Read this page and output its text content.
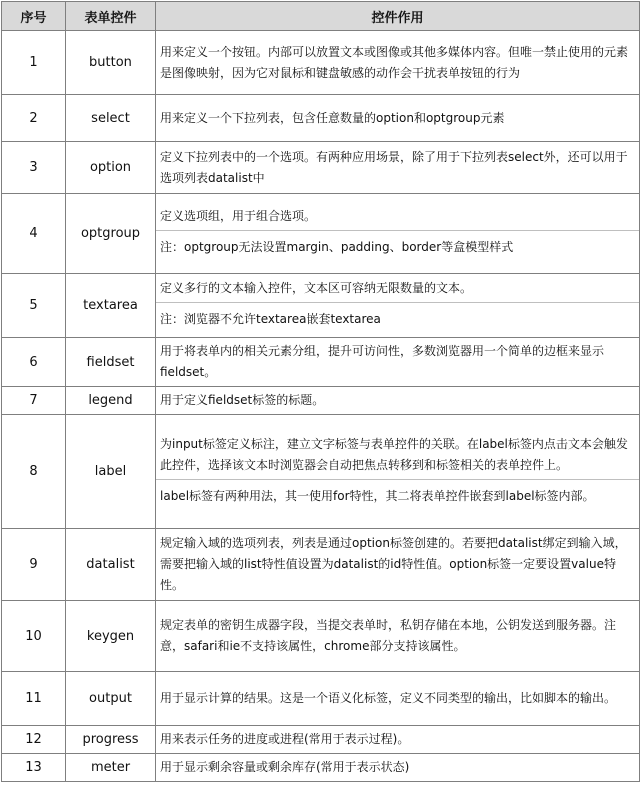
序号	表单控件	控件作用
1	button	用来定义一个按钮。内部可以放置文本或图像或其他多媒体内容。但唯一禁止使用的元素是图像映射，因为它对鼠标和键盘敏感的动作会干扰表单按钮的行为

2	select	用来定义一个下拉列表，包含任意数量的option和optgroup元素

3	option	定义下拉列表中的一个选项。有两种应用场景，除了用于下拉列表select外，还可以用于选项列表datalist中

4	optgroup	定义选项组，用于组合选项。
注：optgroup无法设置margin、padding、border等盒模型样式

5	textarea	定义多行的文本输入控件，文本区可容纳无限数量的文本。
注：浏览器不允许textarea嵌套textarea

6	fieldset	用于将表单内的相关元素分组，提升可访问性，多数浏览器用一个简单的边框来显示fieldset。

7	legend	用于定义fieldset标签的标题。

8	label	为input标签定义标注，建立文字标签与表单控件的关联。在label标签内点击文本会触发此控件，选择该文本时浏览器会自动把焦点转移到和标签相关的表单控件上。
label标签有两种用法，其一使用for特性，其二将表单控件嵌套到label标签内部。

9	datalist	规定输入域的选项列表，列表是通过option标签创建的。若要把datalist绑定到输入域，需要把输入域的list特性值设置为datalist的id特性值。option标签一定要设置value特性。

10	keygen	规定表单的密钥生成器字段，当提交表单时，私钥存储在本地，公钥发送到服务器。注意，safari和ie不支持该属性，chrome部分支持该属性。

11	output	用于显示计算的结果。这是一个语义化标签，定义不同类型的输出，比如脚本的输出。

12	progress	用来表示任务的进度或进程(常用于表示过程)。

13	meter	用于显示剩余容量或剩余库存(常用于表示状态)
